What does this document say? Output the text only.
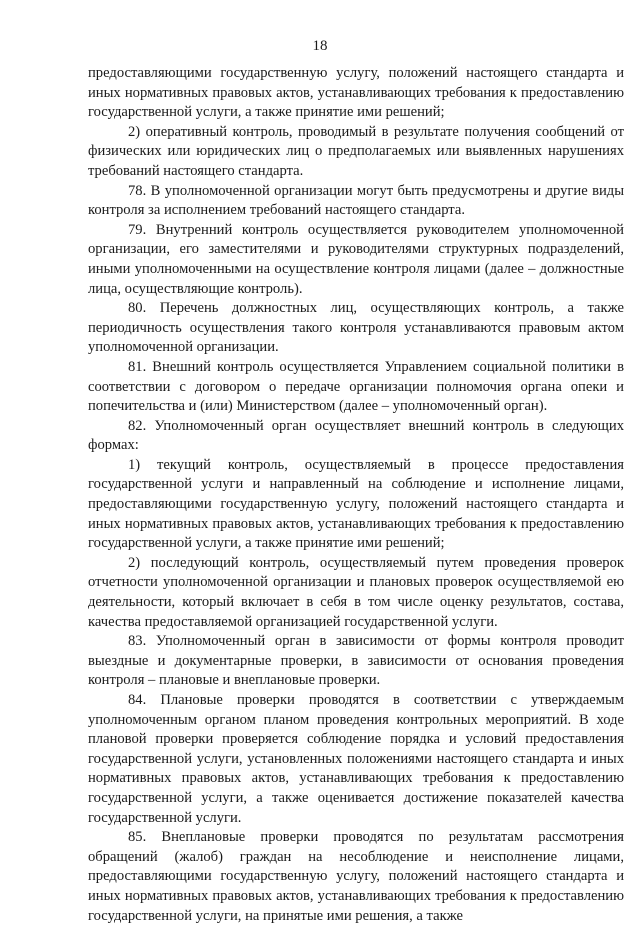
18

предоставляющими государственную услугу, положений настоящего стандарта и иных нормативных правовых актов, устанавливающих требования к предоставлению государственной услуги, а также принятие ими решений;

2) оперативный контроль, проводимый в результате получения сообщений от физических или юридических лиц о предполагаемых или выявленных нарушениях требований настоящего стандарта.

78. В уполномоченной организации могут быть предусмотрены и другие виды контроля за исполнением требований настоящего стандарта.

79. Внутренний контроль осуществляется руководителем уполномоченной организации, его заместителями и руководителями структурных подразделений, иными уполномоченными на осуществление контроля лицами (далее – должностные лица, осуществляющие контроль).

80. Перечень должностных лиц, осуществляющих контроль, а также периодичность осуществления такого контроля устанавливаются правовым актом уполномоченной организации.

81. Внешний контроль осуществляется Управлением социальной политики в соответствии с договором о передаче организации полномочия органа опеки и попечительства и (или) Министерством (далее – уполномоченный орган).

82. Уполномоченный орган осуществляет внешний контроль в следующих формах:

1) текущий контроль, осуществляемый в процессе предоставления государственной услуги и направленный на соблюдение и исполнение лицами, предоставляющими государственную услугу, положений настоящего стандарта и иных нормативных правовых актов, устанавливающих требования к предоставлению государственной услуги, а также принятие ими решений;

2) последующий контроль, осуществляемый путем проведения проверок отчетности уполномоченной организации и плановых проверок осуществляемой ею деятельности, который включает в себя в том числе оценку результатов, состава, качества предоставляемой организацией государственной услуги.

83. Уполномоченный орган в зависимости от формы контроля проводит выездные и документарные проверки, в зависимости от основания проведения контроля – плановые и внеплановые проверки.

84. Плановые проверки проводятся в соответствии с утверждаемым уполномоченным органом планом проведения контрольных мероприятий. В ходе плановой проверки проверяется соблюдение порядка и условий предоставления государственной услуги, установленных положениями настоящего стандарта и иных нормативных правовых актов, устанавливающих требования к предоставлению государственной услуги, а также оценивается достижение показателей качества государственной услуги.

85. Внеплановые проверки проводятся по результатам рассмотрения обращений (жалоб) граждан на несоблюдение и неисполнение лицами, предоставляющими государственную услугу, положений настоящего стандарта и иных нормативных правовых актов, устанавливающих требования к предоставлению государственной услуги, на принятые ими решения, а также
